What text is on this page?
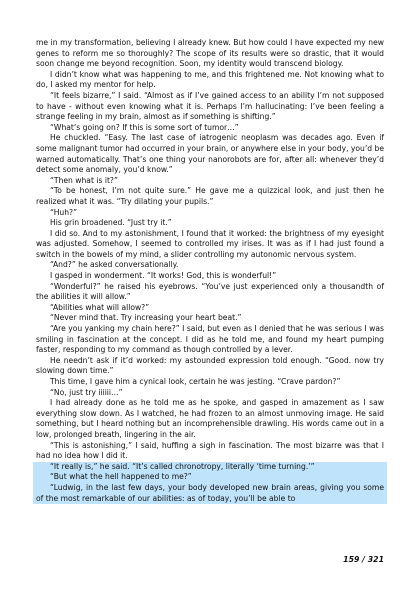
me in my transformation, believing I already knew. But how could I have expected my new genes to reform me so thoroughly? The scope of its results were so drastic, that it would soon change me beyond recognition. Soon, my identity would transcend biology.

I didn’t know what was happening to me, and this frightened me. Not knowing what to do, I asked my mentor for help.

“It feels bizarre,” I said. “Almost as if I’ve gained access to an ability I’m not supposed to have - without even knowing what it is. Perhaps I’m hallucinating: I’ve been feeling a strange feeling in my brain, almost as if something is shifting.”

“What’s going on? If this is some sort of tumor…”

He chuckled. “Easy. The last case of iatrogenic neoplasm was decades ago. Even if some malignant tumor had occurred in your brain, or anywhere else in your body, you’d be warned automatically. That’s one thing your nanorobots are for, after all: whenever they’d detect some anomaly, you’d know.”

“Then what is it?”

“To be honest, I’m not quite sure.” He gave me a quizzical look, and just then he realized what it was. “Try dilating your pupils.”

“Huh?”

His grin broadened. “Just try it.”

I did so. And to my astonishment, I found that it worked: the brightness of my eyesight was adjusted. Somehow, I seemed to controlled my irises. It was as if I had just found a switch in the bowels of my mind, a slider controlling my autonomic nervous system.

“And?” he asked conversationally.

I gasped in wonderment. “It works! God, this is wonderful!”

“Wonderful?” he raised his eyebrows. “You’ve just experienced only a thousandth of the abilities it will allow.”

“Abilities what will allow?”

“Never mind that. Try increasing your heart beat.”

“Are you yanking my chain here?” I said, but even as I denied that he was serious I was smiling in fascination at the concept. I did as he told me, and found my heart pumping faster, responding to my command as though controlled by a lever.

He needn’t ask if it’d worked: my astounded expression told enough. “Good. now try slowing down time.”

This time, I gave him a cynical look, certain he was jesting. “Crave pardon?”

“No, just try iiiiii…”

I had already done as he told me as he spoke, and gasped in amazement as I saw everything slow down. As I watched, he had frozen to an almost unmoving image. He said something, but I heard nothing but an incomprehensible drawling. His words came out in a low, prolonged breath, lingering in the air.

“This is astonishing,” I said, huffing a sigh in fascination. The most bizarre was that I had no idea how I did it.

“It really is,” he said. “It’s called chronotropy, literally ‘time turning.’”

“But what the hell happened to me?”

“Ludwig, in the last few days, your body developed new brain areas, giving you some of the most remarkable of our abilities: as of today, you’ll be able to

159 / 321
